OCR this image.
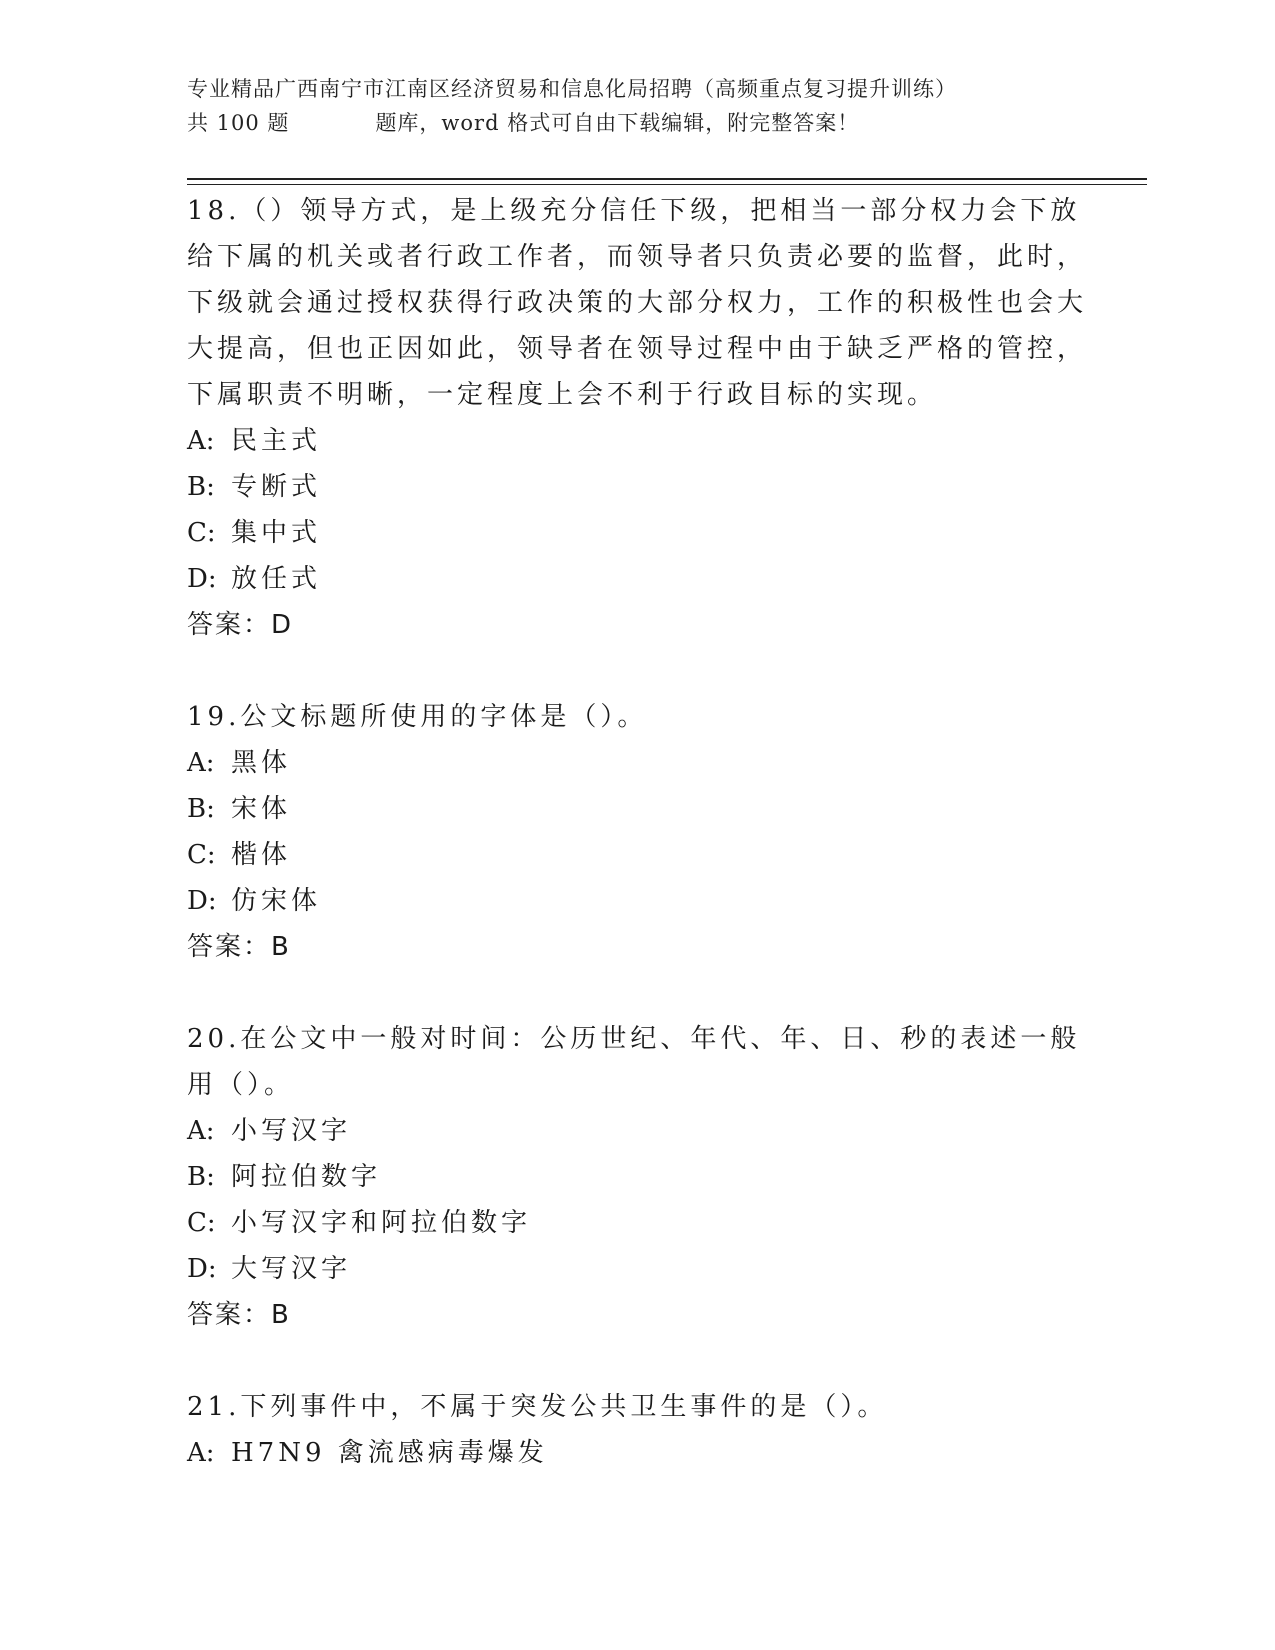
专业精品广西南宁市江南区经济贸易和信息化局招聘（高频重点复习提升训练）
共 100 题	题库，word 格式可自由下载编辑，附完整答案！

18.（）领导方式，是上级充分信任下级，把相当一部分权力会下放给下属的机关或者行政工作者，而领导者只负责必要的监督，此时，下级就会通过授权获得行政决策的大部分权力，工作的积极性也会大大提高，但也正因如此，领导者在领导过程中由于缺乏严格的管控，下属职责不明晰，一定程度上会不利于行政目标的实现。

A: 民主式

B: 专断式

C: 集中式

D: 放任式

答案：D

19.公文标题所使用的字体是（）。

A: 黑体

B: 宋体

C: 楷体

D: 仿宋体

答案：B

20.在公文中一般对时间：公历世纪、年代、年、日、秒的表述一般用（）。

A: 小写汉字

B: 阿拉伯数字

C: 小写汉字和阿拉伯数字

D: 大写汉字

答案：B

21.下列事件中，不属于突发公共卫生事件的是（）。

A: H7N9 禽流感病毒爆发
